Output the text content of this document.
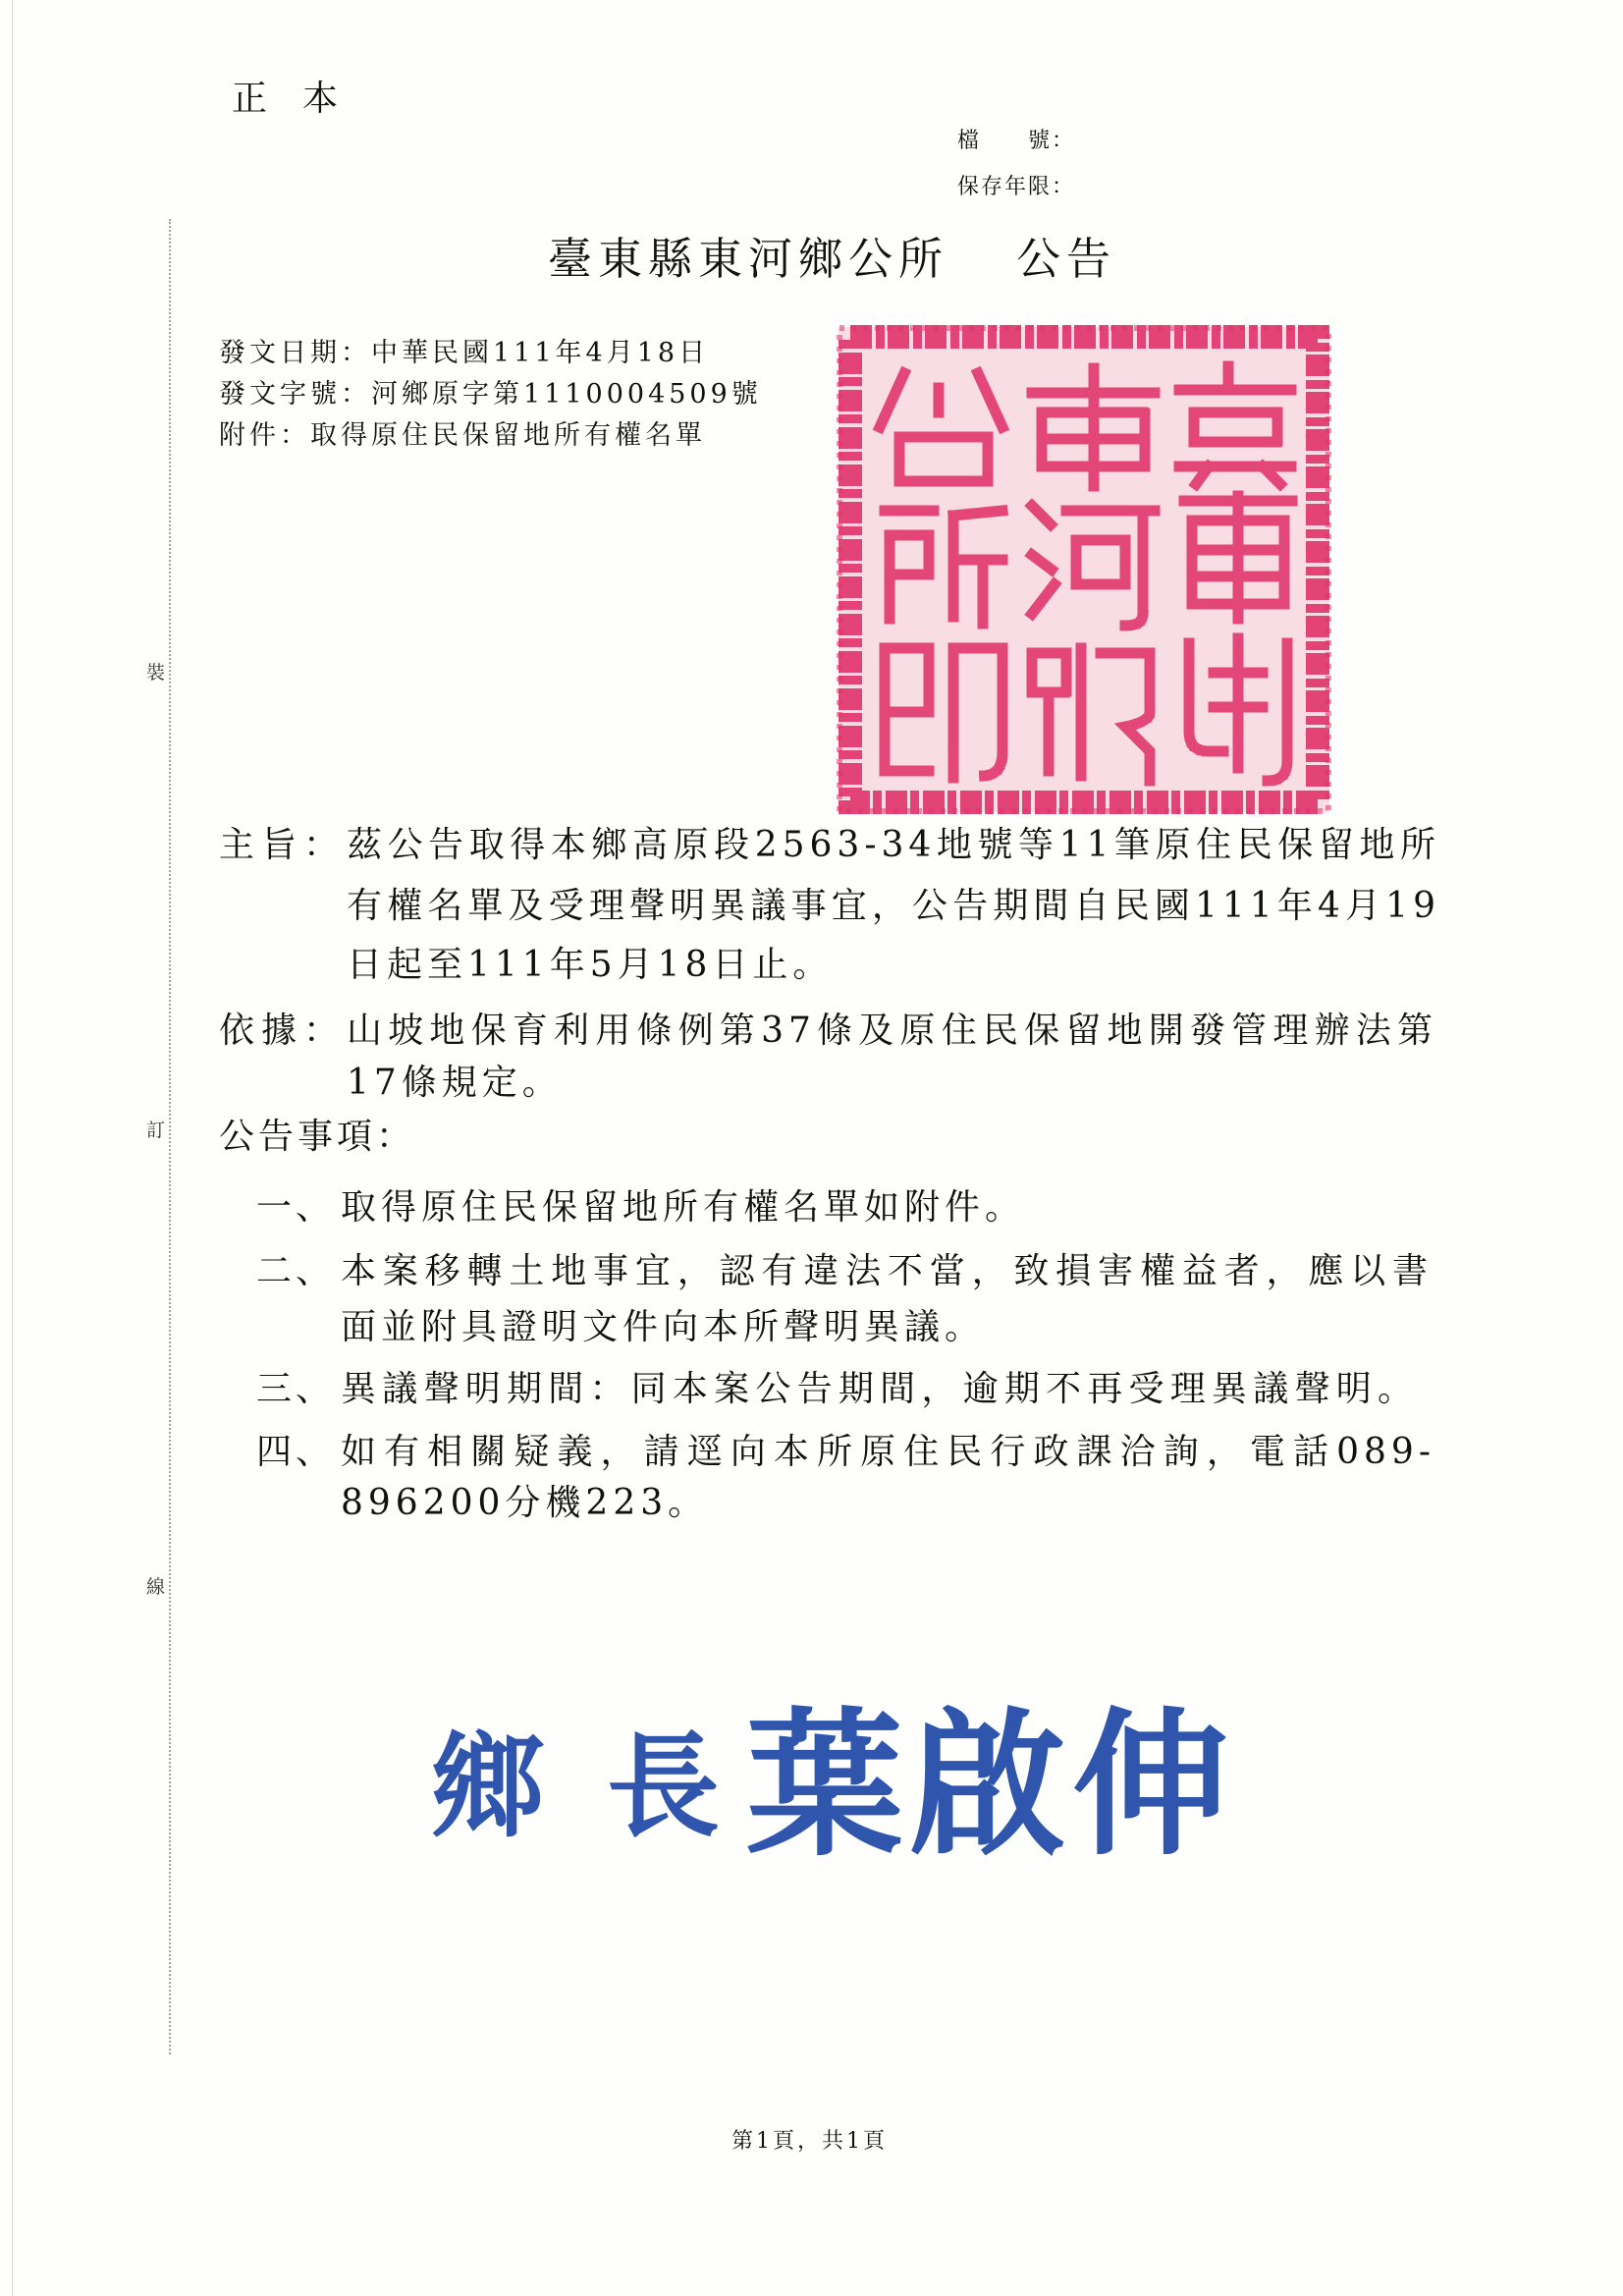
裝
訂
線
正本
檔　　號：
保存年限：
臺東縣東河鄉公所 公告
發文日期：中華民國111年4月18日
發文字號：河鄉原字第1110004509號
附件：取得原住民保留地所有權名單
主旨： 茲公告取得本鄉高原段2563-34地號等11筆原住民保留地所
有權名單及受理聲明異議事宜，公告期間自民國111年4月19
日起至111年5月18日止。
依據： 山坡地保育利用條例第37條及原住民保留地開發管理辦法第
17條規定。
公告事項：
一、 取得原住民保留地所有權名單如附件。
二、 本案移轉土地事宜，認有違法不當，致損害權益者，應以書
面並附具證明文件向本所聲明異議。
三、 異議聲明期間：同本案公告期間，逾期不再受理異議聲明。
四、 如有相關疑義，請逕向本所原住民行政課洽詢，電話089-
896200分機223。
鄉長
葉啟伸
第1頁，共1頁
